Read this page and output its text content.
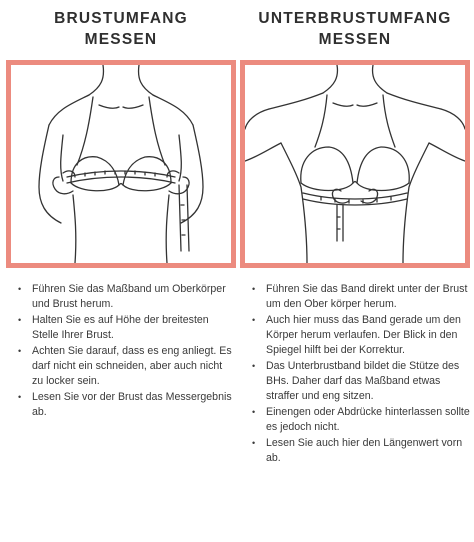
BRUSTUMFANG
MESSEN
• Führen Sie das Maßband um Oberkörper und Brust herum.
• Halten Sie es auf Höhe der breitesten Stelle Ihrer Brust.
• Achten Sie darauf, dass es eng anliegt. Es darf nicht ein schneiden, aber auch nicht zu locker sein.
• Lesen Sie vor der Brust das Messergebnis ab.
UNTERBRUSTUMFANG
MESSEN
• Führen Sie das Band direkt unter der Brust um den Ober körper herum.
• Auch hier muss das Band gerade um den Körper herum verlaufen. Der Blick in den Spiegel hilft bei der Korrektur.
• Das Unterbrustband bildet die Stütze des BHs. Daher darf das Maßband etwas straffer und eng sitzen.
• Einengen oder Abdrücke hinterlassen sollte es jedoch nicht.
• Lesen Sie auch hier den Längenwert vorn ab.
